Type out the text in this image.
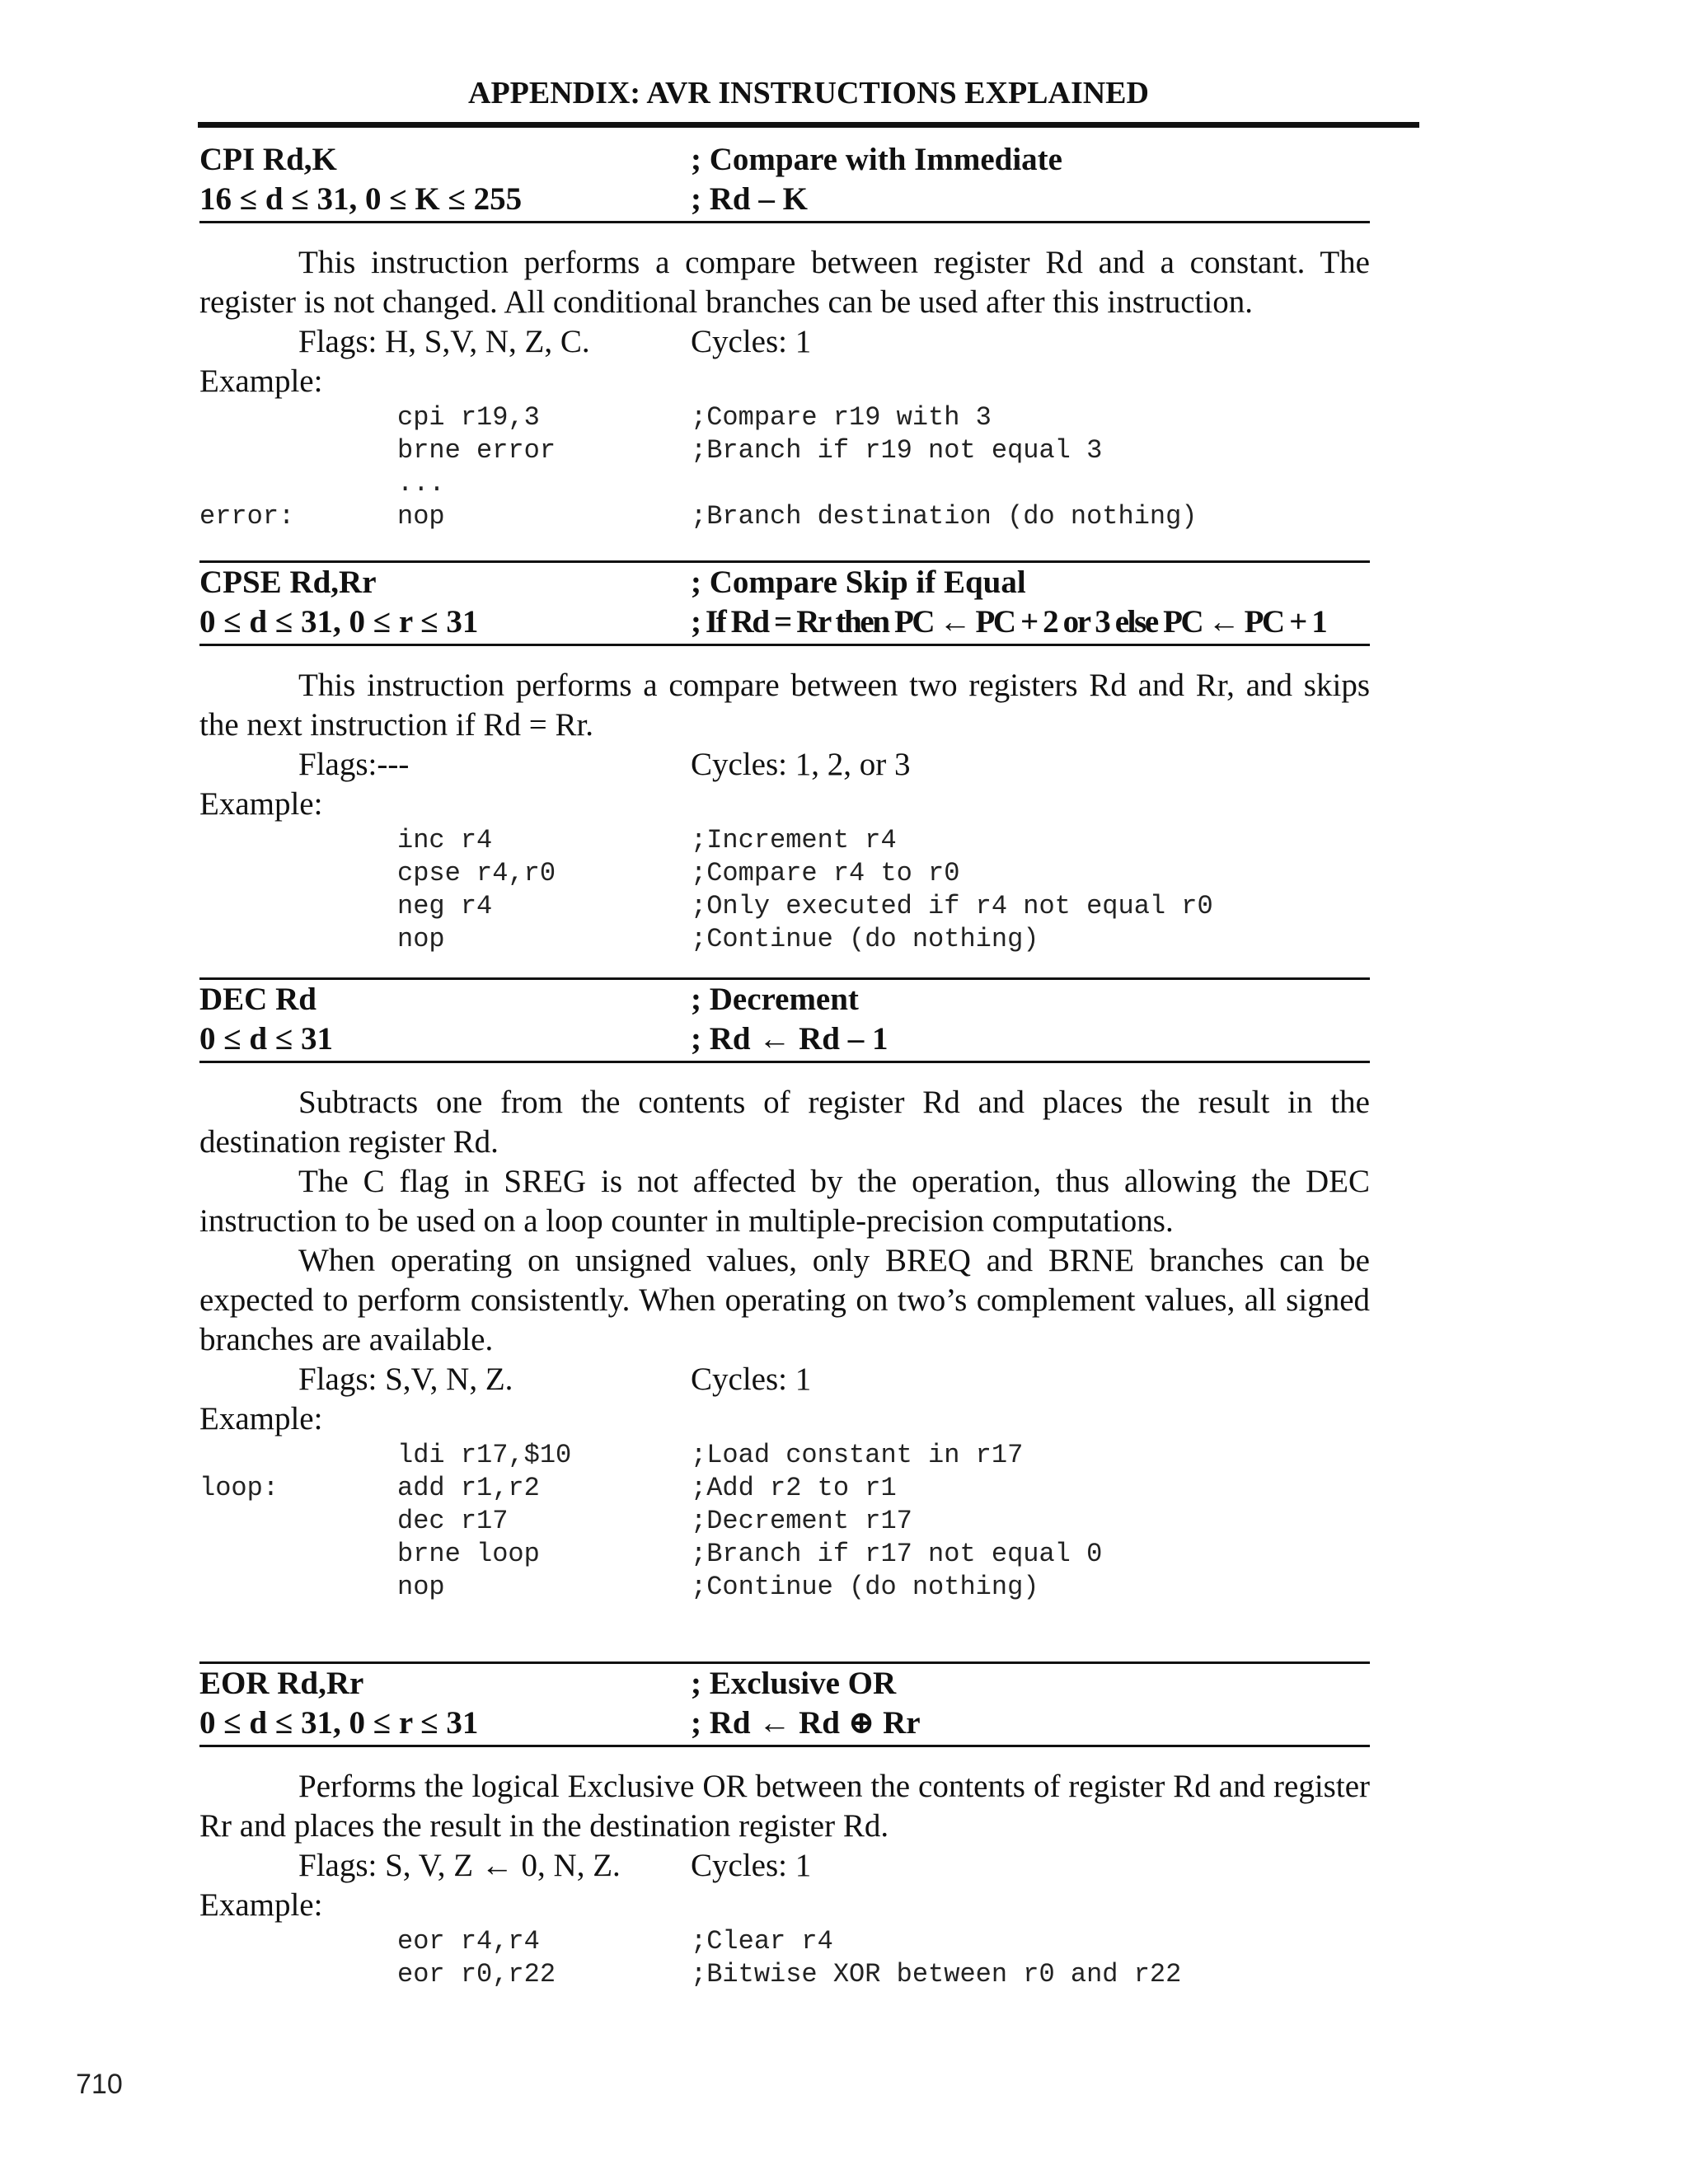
APPENDIX: AVR INSTRUCTIONS EXPLAINED
CPI Rd,K	; Compare with Immediate
16 ≤ d ≤ 31, 0 ≤ K ≤ 255	; Rd – K

This instruction performs a compare between register Rd and a constant. The register is not changed. All conditional branches can be used after this instruction.

Flags: H, S,V, N, Z, C.	Cycles: 1
Example:
cpi r19,3	;Compare r19 with 3
brne error	;Branch if r19 not equal 3
...
error:	nop	;Branch destination (do nothing)
CPSE Rd,Rr	; Compare Skip if Equal
0 ≤ d ≤ 31, 0 ≤ r ≤ 31	; If Rd = Rr then PC ← PC + 2 or 3 else PC ← PC + 1

This instruction performs a compare between two registers Rd and Rr, and skips the next instruction if Rd = Rr.

Flags:---	Cycles: 1, 2, or 3
Example:
inc r4	;Increment r4
cpse r4,r0	;Compare r4 to r0
neg r4	;Only executed if r4 not equal r0
nop	;Continue (do nothing)
DEC Rd	; Decrement
0 ≤ d ≤ 31	; Rd ← Rd – 1

Subtracts one from the contents of register Rd and places the result in the destination register Rd.

The C flag in SREG is not affected by the operation, thus allowing the DEC instruction to be used on a loop counter in multiple-precision computations.

When operating on unsigned values, only BREQ and BRNE branches can be expected to perform consistently. When operating on two’s complement values, all signed branches are available.

Flags: S,V, N, Z.	Cycles: 1
Example:
ldi r17,$10	;Load constant in r17
loop:	add r1,r2	;Add r2 to r1
dec r17	;Decrement r17
brne loop	;Branch if r17 not equal 0
nop	;Continue (do nothing)
EOR Rd,Rr	; Exclusive OR
0 ≤ d ≤ 31, 0 ≤ r ≤ 31	; Rd ← Rd ⊕ Rr

Performs the logical Exclusive OR between the contents of register Rd and register Rr and places the result in the destination register Rd.

Flags: S, V, Z ← 0, N, Z. Cycles: 1
Example:
eor r4,r4	;Clear r4
eor r0,r22	;Bitwise XOR between r0 and r22
710
